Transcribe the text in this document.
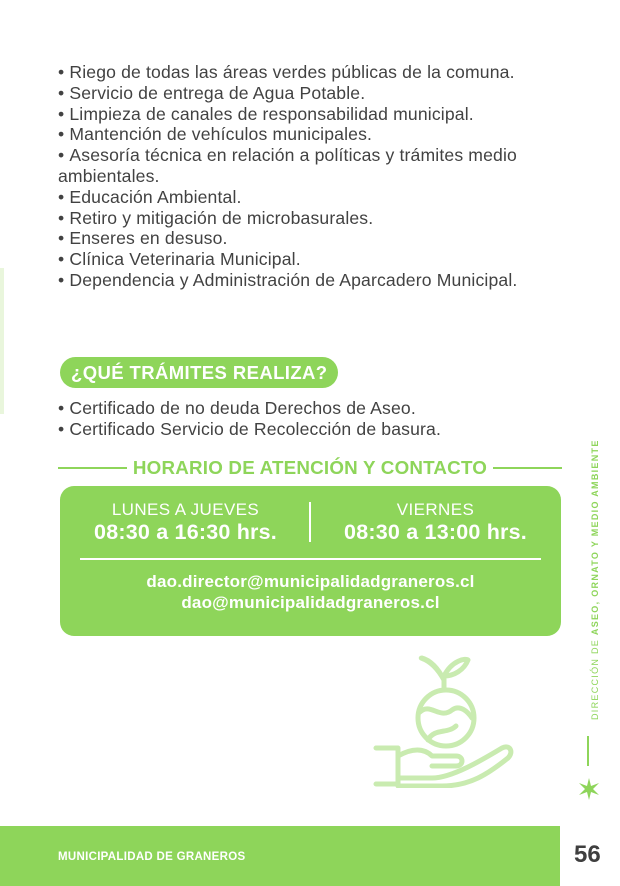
• Riego de todas las áreas verdes públicas de la comuna.
• Servicio de entrega de Agua Potable.
• Limpieza de canales de responsabilidad municipal.
• Mantención de vehículos municipales.
• Asesoría técnica en relación a políticas y trámites medio ambientales.
• Educación Ambiental.
• Retiro y mitigación de microbasurales.
• Enseres en desuso.
• Clínica Veterinaria Municipal.
• Dependencia y Administración de Aparcadero Municipal.
¿QUÉ TRÁMITES REALIZA?
• Certificado de no deuda Derechos de Aseo.
• Certificado Servicio de Recolección de basura.
HORARIO DE ATENCIÓN Y CONTACTO
LUNES A JUEVES
08:30 a 16:30 hrs.
VIERNES
08:30 a 13:00 hrs.
dao.director@municipalidadgraneros.cl
dao@municipalidadgraneros.cl
DIRECCIÓN DE ASEO, ORNATO Y MEDIO AMBIENTE
MUNICIPALIDAD DE GRANEROS	56
